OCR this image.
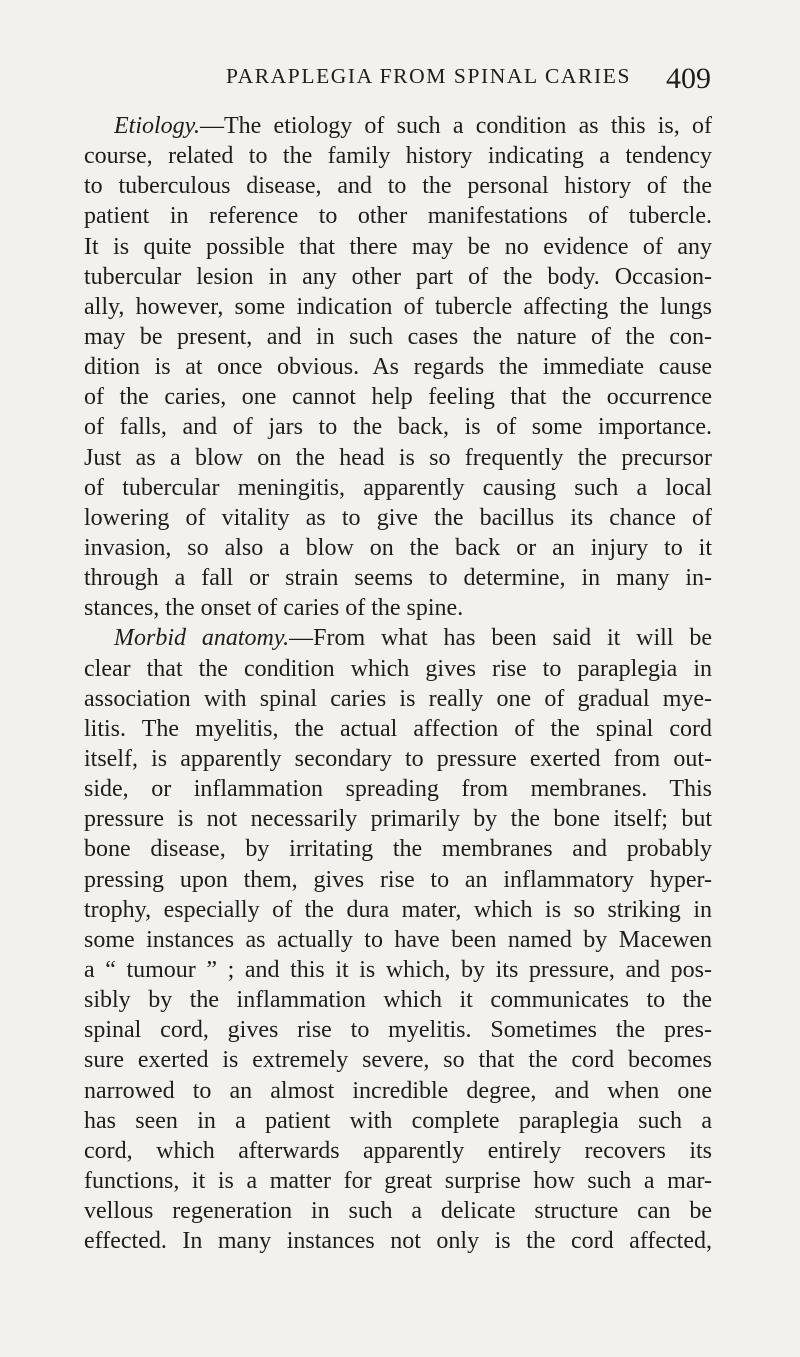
PARAPLEGIA FROM SPINAL CARIES 409
Etiology.—The etiology of such a condition as this is, of
course, related to the family history indicating a tendency
to tuberculous disease, and to the personal history of the
patient in reference to other manifestations of tubercle.
It is quite possible that there may be no evidence of any
tubercular lesion in any other part of the body. Occasion-
ally, however, some indication of tubercle affecting the lungs
may be present, and in such cases the nature of the con-
dition is at once obvious. As regards the immediate cause
of the caries, one cannot help feeling that the occurrence
of falls, and of jars to the back, is of some importance.
Just as a blow on the head is so frequently the precursor
of tubercular meningitis, apparently causing such a local
lowering of vitality as to give the bacillus its chance of
invasion, so also a blow on the back or an injury to it
through a fall or strain seems to determine, in many in-
stances, the onset of caries of the spine.
Morbid anatomy.—From what has been said it will be
clear that the condition which gives rise to paraplegia in
association with spinal caries is really one of gradual mye-
litis. The myelitis, the actual affection of the spinal cord
itself, is apparently secondary to pressure exerted from out-
side, or inflammation spreading from membranes. This
pressure is not necessarily primarily by the bone itself; but
bone disease, by irritating the membranes and probably
pressing upon them, gives rise to an inflammatory hyper-
trophy, especially of the dura mater, which is so striking in
some instances as actually to have been named by Macewen
a “ tumour ” ; and this it is which, by its pressure, and pos-
sibly by the inflammation which it communicates to the
spinal cord, gives rise to myelitis. Sometimes the pres-
sure exerted is extremely severe, so that the cord becomes
narrowed to an almost incredible degree, and when one
has seen in a patient with complete paraplegia such a
cord, which afterwards apparently entirely recovers its
functions, it is a matter for great surprise how such a mar-
vellous regeneration in such a delicate structure can be
effected. In many instances not only is the cord affected,
